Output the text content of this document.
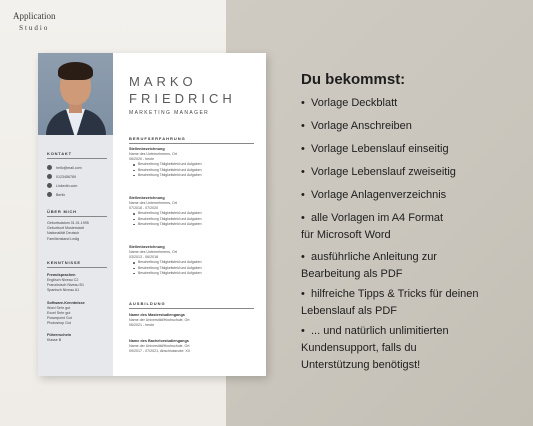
Application
Studio
KONTAKT
hello@mail.com
0123456789
LinkedIn.com
Berlin
ÜBER MICH
Geburtsdatum 01.01.1995
Geburtsort Musterstadt
Nationalität Deutsch
Familienstand Ledig
KENNTNISSE
Fremdsprachen
Englisch Niveau C2
Französisch Niveau B1
Spanisch Niveau A1
Software-Kenntnisse
Word Sehr gut
Excel Sehr gut
Powerpoint Gut
Photoshop Gut
Führerschein
Klasse B
MARKO
FRIEDRICH
MARKETING MANAGER
BERUFSERFAHRUNG
Stellenbezeichnung
Name des Unternehmens, Ort
06/2020 - heute
Beschreibung Tätigkeitsfeld und Aufgaben
Beschreibung Tätigkeitsfeld und Aufgaben
Beschreibung Tätigkeitsfeld und Aufgaben
Stellenbezeichnung
Name des Unternehmens, Ort
07/2018 - 07/2020
Beschreibung Tätigkeitsfeld und Aufgaben
Beschreibung Tätigkeitsfeld und Aufgaben
Beschreibung Tätigkeitsfeld und Aufgaben
Stellenbezeichnung
Name des Unternehmens, Ort
03/2013 - 06/2018
Beschreibung Tätigkeitsfeld und Aufgaben
Beschreibung Tätigkeitsfeld und Aufgaben
Beschreibung Tätigkeitsfeld und Aufgaben
AUSBILDUNG
Name des Masterstudiengangs
Name der Universität/Hochschule, Ort
06/2021 - heute
Name des Bachelorstudiengangs
Name der Universität/Hochschule, Ort
09/2017 - 07/2021, Abschlussnote: XX
Du bekommst:
• Vorlage Deckblatt
• Vorlage Anschreiben
• Vorlage Lebenslauf einseitig
• Vorlage Lebenslauf zweiseitig
• Vorlage Anlagenverzeichnis
• alle Vorlagen im A4 Format
für Microsoft Word
• ausführliche Anleitung zur
Bearbeitung als PDF
• hilfreiche Tipps & Tricks für deinen
Lebenslauf als PDF
• ... und natürlich unlimitierten
Kundensupport, falls du
Unterstützung benötigst!
